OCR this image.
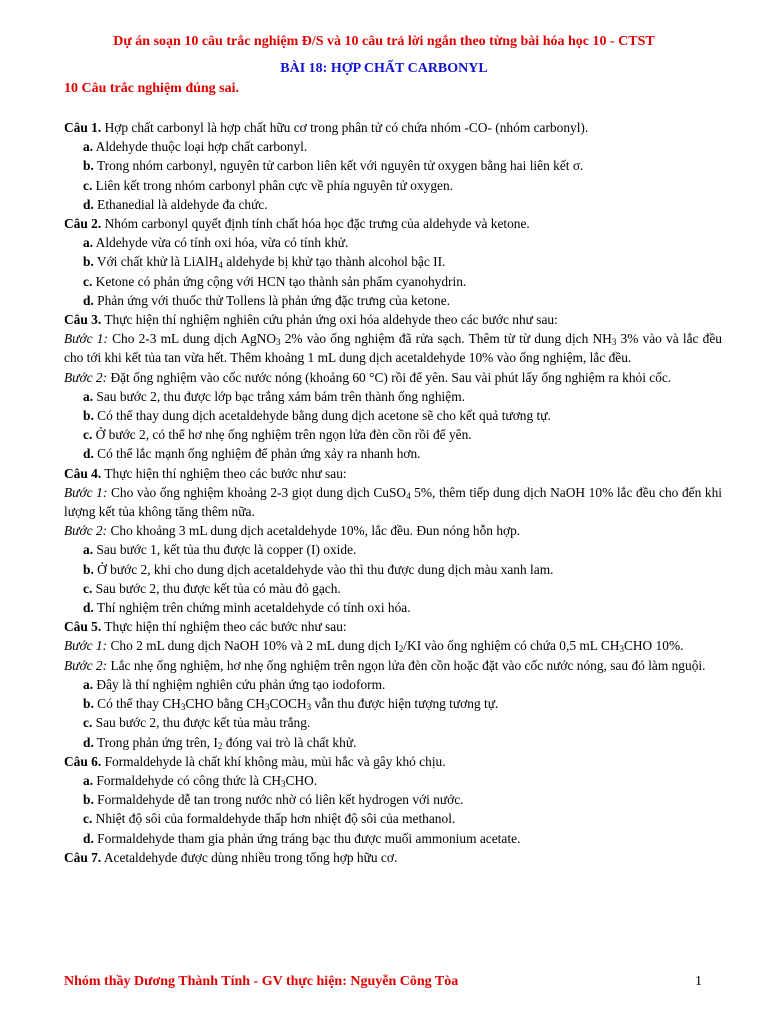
Dự án soạn 10 câu trắc nghiệm Đ/S và 10 câu trả lời ngắn theo từng bài hóa học 10 - CTST
BÀI 18: HỢP CHẤT CARBONYL
10 Câu trắc nghiệm đúng sai.
Câu 1. Hợp chất carbonyl là hợp chất hữu cơ trong phân tử có chứa nhóm -CO- (nhóm carbonyl).
a. Aldehyde thuộc loại hợp chất carbonyl.
b. Trong nhóm carbonyl, nguyên tử carbon liên kết với nguyên tử oxygen bằng hai liên kết σ.
c. Liên kết trong nhóm carbonyl phân cực về phía nguyên tử oxygen.
d. Ethanedial là aldehyde đa chức.
Câu 2. Nhóm carbonyl quyết định tính chất hóa học đặc trưng của aldehyde và ketone.
a. Aldehyde vừa có tính oxi hóa, vừa có tính khử.
b. Với chất khử là LiAlH$_4$ aldehyde bị khử tạo thành alcohol bậc II.
c. Ketone có phản ứng cộng với HCN tạo thành sản phẩm cyanohydrin.
d. Phản ứng với thuốc thử Tollens là phản ứng đặc trưng của ketone.
Câu 3. Thực hiện thí nghiệm nghiên cứu phản ứng oxi hóa aldehyde theo các bước như sau:
Bước 1: Cho 2-3 mL dung dịch AgNO$_3$ 2% vào ống nghiệm đã rửa sạch. Thêm từ từ dung dịch $NH_3$ 3% vào và lắc đều cho tới khi kết tủa tan vừa hết. Thêm khoảng 1 mL dung dịch acetaldehyde 10% vào ống nghiệm, lắc đều.
Bước 2: Đặt ống nghiệm vào cốc nước nóng (khoảng 60 °C) rồi để yên. Sau vài phút lấy ống nghiệm ra khỏi cốc.
a. Sau bước 2, thu được lớp bạc trắng xám bám trên thành ống nghiệm.
b. Có thể thay dung dịch acetaldehyde bằng dung dịch acetone sẽ cho kết quả tương tự.
c. Ở bước 2, có thể hơ nhẹ ống nghiệm trên ngọn lửa đèn cồn rồi để yên.
d. Có thể lắc mạnh ống nghiệm để phản ứng xảy ra nhanh hơn.
Câu 4. Thực hiện thí nghiệm theo các bước như sau:
Bước 1: Cho vào ống nghiệm khoảng 2-3 giọt dung dịch CuSO$_4$ 5%, thêm tiếp dung dịch NaOH 10% lắc đều cho đến khi lượng kết tủa không tăng thêm nữa.
Bước 2: Cho khoảng 3 mL dung dịch acetaldehyde 10%, lắc đều. Đun nóng hỗn hợp.
a. Sau bước 1, kết tủa thu được là copper (I) oxide.
b. Ở bước 2, khi cho dung dịch acetaldehyde vào thì thu được dung dịch màu xanh lam.
c. Sau bước 2, thu được kết tủa có màu đỏ gạch.
d. Thí nghiệm trên chứng minh acetaldehyde có tính oxi hóa.
Câu 5. Thực hiện thí nghiệm theo các bước như sau:
Bước 1: Cho 2 mL dung dịch NaOH 10% và 2 mL dung dịch $I_2/KI$ vào ống nghiệm có chứa 0,5 mL $CH_3CHO$ 10%.
Bước 2: Lắc nhẹ ống nghiệm, hơ nhẹ ống nghiệm trên ngọn lửa đèn cồn hoặc đặt vào cốc nước nóng, sau đó làm nguội.
a. Đây là thí nghiệm nghiên cứu phản ứng tạo iodoform.
b. Có thể thay $CH_3CHO$ bằng $CH_3COCH_3$ vẫn thu được hiện tượng tương tự.
c. Sau bước 2, thu được kết tủa màu trắng.
d. Trong phản ứng trên, $I_2$ đóng vai trò là chất khử.
Câu 6. Formaldehyde là chất khí không màu, mùi hắc và gây khó chịu.
a. Formaldehyde có công thức là $CH_3CHO$.
b. Formaldehyde dễ tan trong nước nhờ có liên kết hydrogen với nước.
c. Nhiệt độ sôi của formaldehyde thấp hơn nhiệt độ sôi của methanol.
d. Formaldehyde tham gia phản ứng tráng bạc thu được muối ammonium acetate.
Câu 7. Acetaldehyde được dùng nhiều trong tổng hợp hữu cơ.
Nhóm thầy Dương Thành Tính - GV thực hiện: Nguyễn Công Tòa	1
